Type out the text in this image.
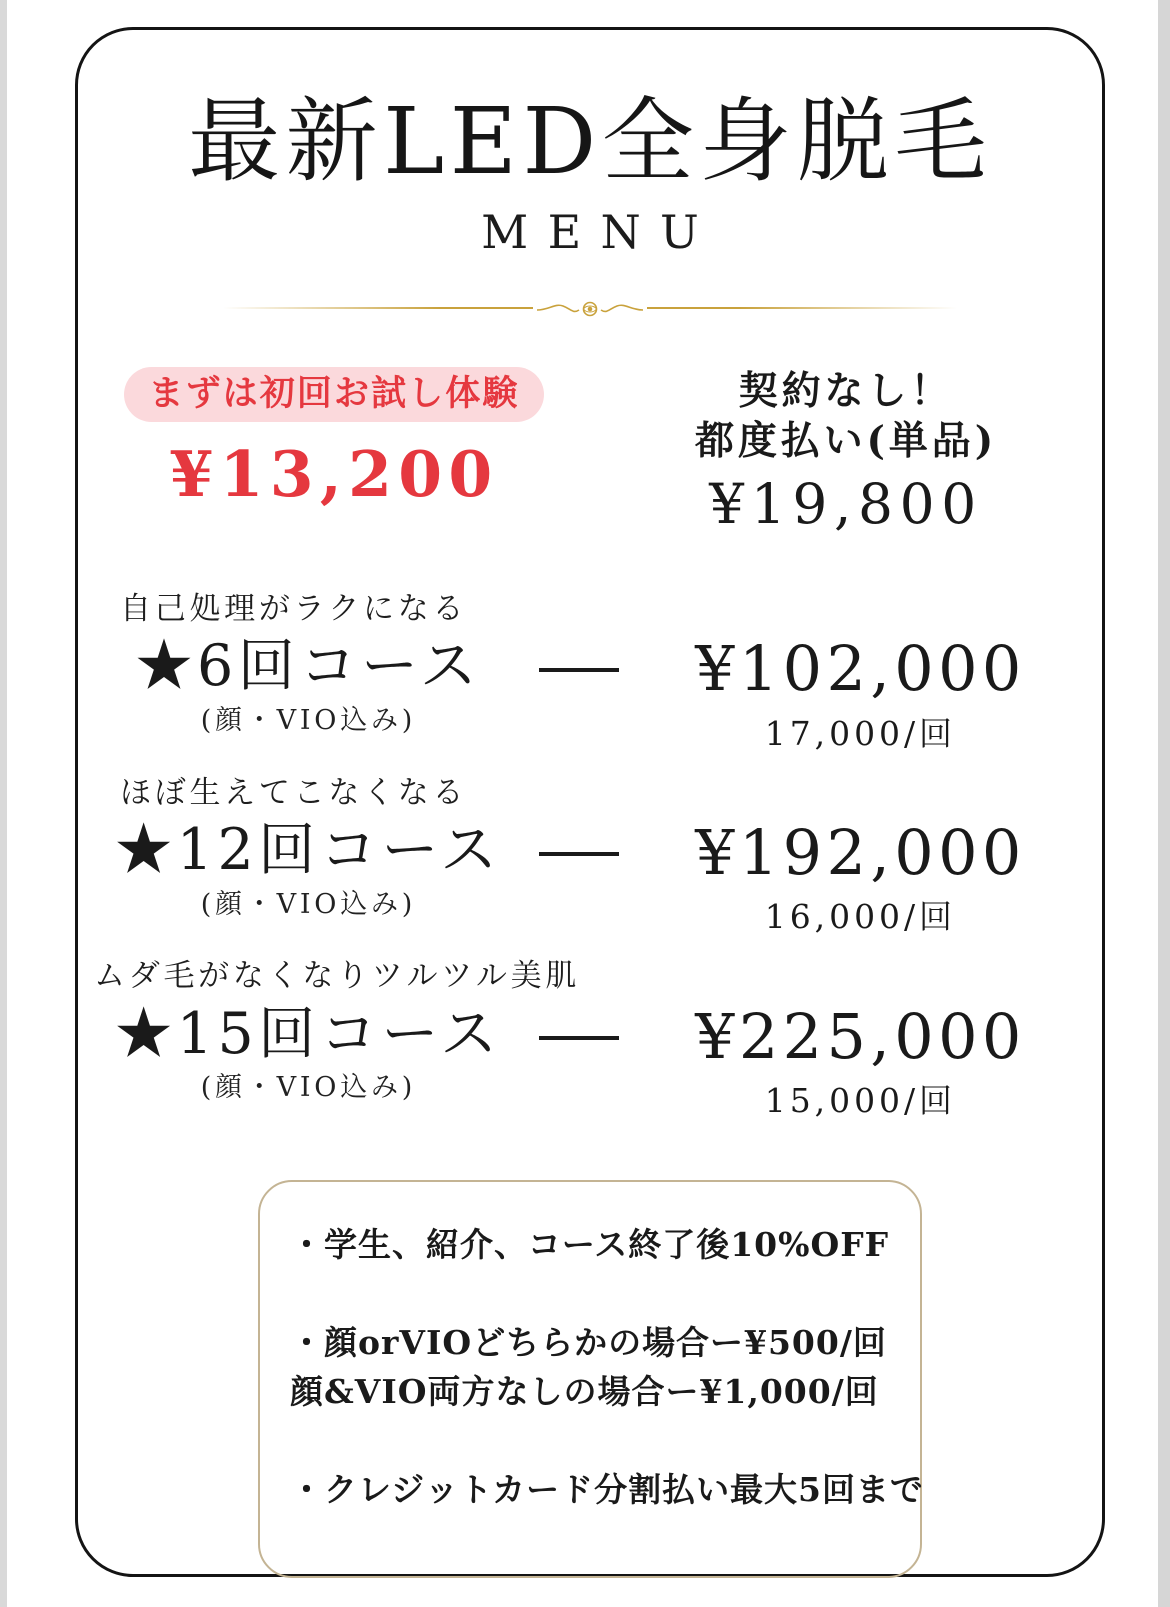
最新LED全身脱毛
MENU
まずは初回お試し体験
¥13,200
契約なし！
都度払い(単品)
¥19,800
自己処理がラクになる
★6回コース
(顔・VIO込み)
¥102,000
17,000/回
ほぼ生えてこなくなる
★12回コース
(顔・VIO込み)
¥192,000
16,000/回
ムダ毛がなくなりツルツル美肌
★15回コース
(顔・VIO込み)
¥225,000
15,000/回
・学生、紹介、コース終了後10%OFF
・顔orVIOどちらかの場合ー¥500/回
顔&VIO両方なしの場合ー¥1,000/回
・クレジットカード分割払い最大5回まで
